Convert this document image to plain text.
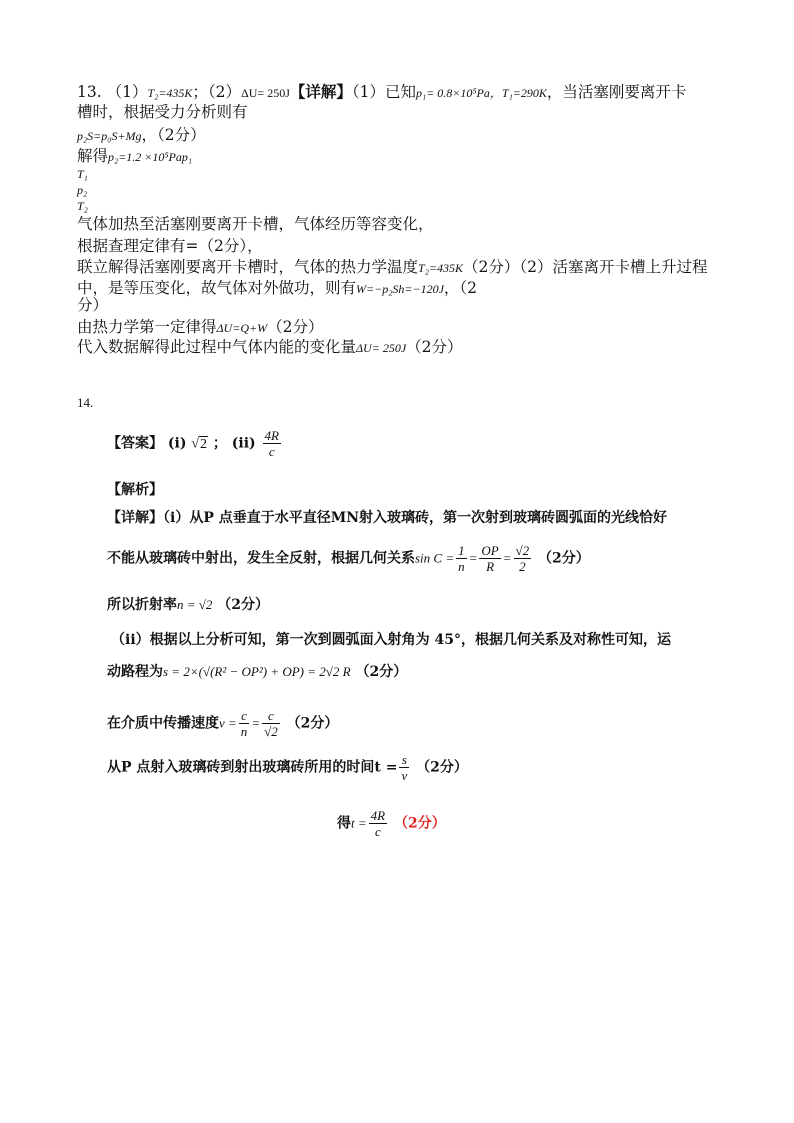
13. （1）T₂=435K；（2）ΔU= 250J【详解】（1）已知p₁= 0.8×10⁵Pa，T₁=290K，当活塞刚要离开卡
槽时，根据受力分析则有
p₂S=p₀S+Mg，（2分）
解得p₂=1.2 ×10⁵Pap₁
T₁
p₂
T₂
气体加热至活塞刚要离开卡槽，气体经历等容变化，
根据查理定律有=（2分），
联立解得活塞刚要离开卡槽时，气体的热力学温度T₂=435K（2分）（2）活塞离开卡槽上升过程
中，是等压变化，故气体对外做功，则有W=−p₂Sh=−120J，（2
分）
由热力学第一定律得ΔU=Q+W（2分）
代入数据解得此过程中气体内能的变化量ΔU= 250J（2分）
14.
【答案】 (i) √2 ； $(ii) \frac{4R}{c}$
【解析】
【详解】（i）从P 点垂直于水平直径MN射入玻璃砖，第一次射到玻璃砖圆弧面的光线恰好
不能从玻璃砖中射出，发生全反射，根据几何关系$\sin C = \frac{1}{n} = \frac{OP}{R} = \frac{√2}{2} (2$分）
所以折射率n = √2 （2分）
（ii）根据以上分析可知，第一次到圆弧面入射角为 45°，根据几何关系及对称性可知，运
动路程为s = 2×(√(R² − OP²) + OP) = 2√2 R （2分）
在介质中传播速度$v = \frac{c}{n} = \frac{c}{√2} (2$分）
从P 点射入玻璃砖到射出玻璃砖所用的时间$t = \frac{s}{v} (2$分）
得$t = \frac{4R}{c} (2$分）
